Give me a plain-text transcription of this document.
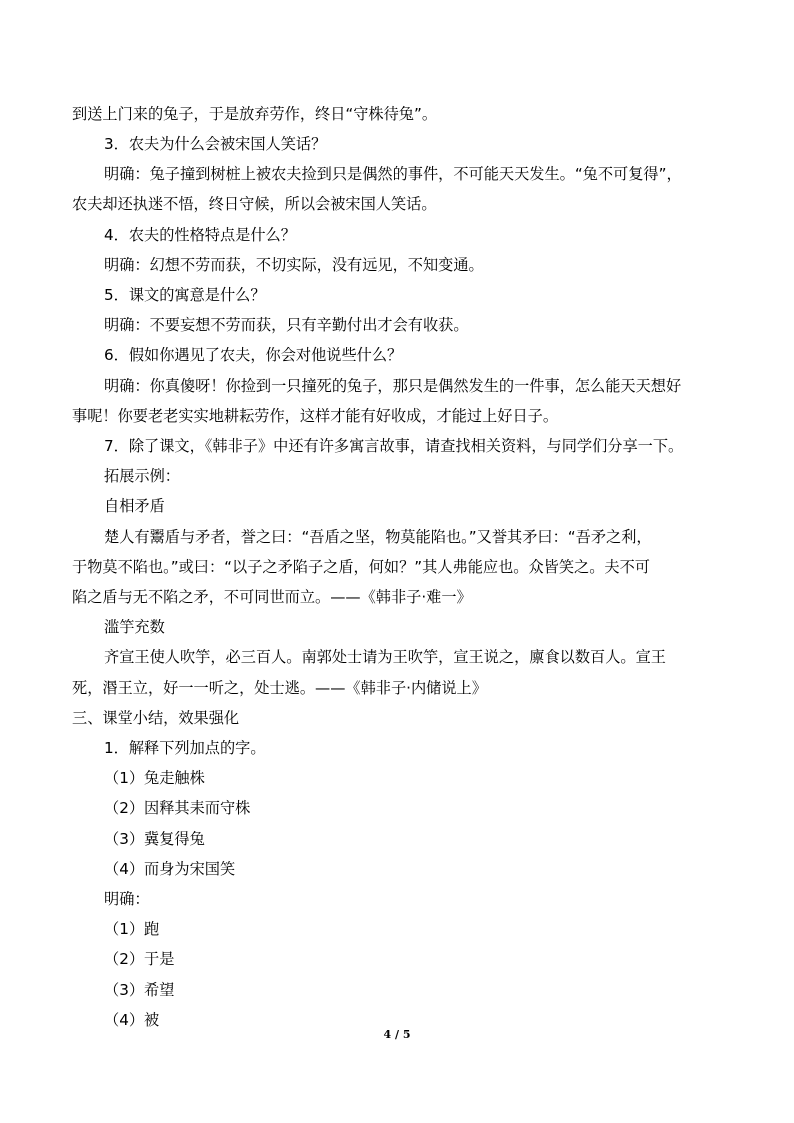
到送上门来的兔子，于是放弃劳作，终日“守株待兔”。

3．农夫为什么会被宋国人笑话？

明确：兔子撞到树桩上被农夫捡到只是偶然的事件，不可能天天发生。“兔不可复得”，

农夫却还执迷不悟，终日守候，所以会被宋国人笑话。

4．农夫的性格特点是什么？

明确：幻想不劳而获，不切实际，没有远见，不知变通。

5．课文的寓意是什么？

明确：不要妄想不劳而获，只有辛勤付出才会有收获。

6．假如你遇见了农夫，你会对他说些什么？

明确：你真傻呀！你捡到一只撞死的兔子，那只是偶然发生的一件事，怎么能天天想好

事呢！你要老老实实地耕耘劳作，这样才能有好收成，才能过上好日子。

7．除了课文，《韩非子》中还有许多寓言故事，请查找相关资料，与同学们分享一下。

拓展示例：

自相矛盾

楚人有鬻盾与矛者，誉之曰：“吾盾之坚，物莫能陷也。”又誉其矛曰：“吾矛之利，

于物莫不陷也。”或曰：“以子之矛陷子之盾，何如？”其人弗能应也。众皆笑之。夫不可

陷之盾与无不陷之矛，不可同世而立。——《韩非子·难一》

滥竽充数

齐宣王使人吹竽，必三百人。南郭处士请为王吹竽，宣王说之，廪食以数百人。宣王

死，湣王立，好一一听之，处士逃。——《韩非子·内储说上》

三、课堂小结，效果强化

1．解释下列加点的字。

（1）兔走触株

（2）因释其耒而守株

（3）冀复得兔

（4）而身为宋国笑

明确：

（1）跑

（2）于是

（3）希望

（4）被

4 / 5
